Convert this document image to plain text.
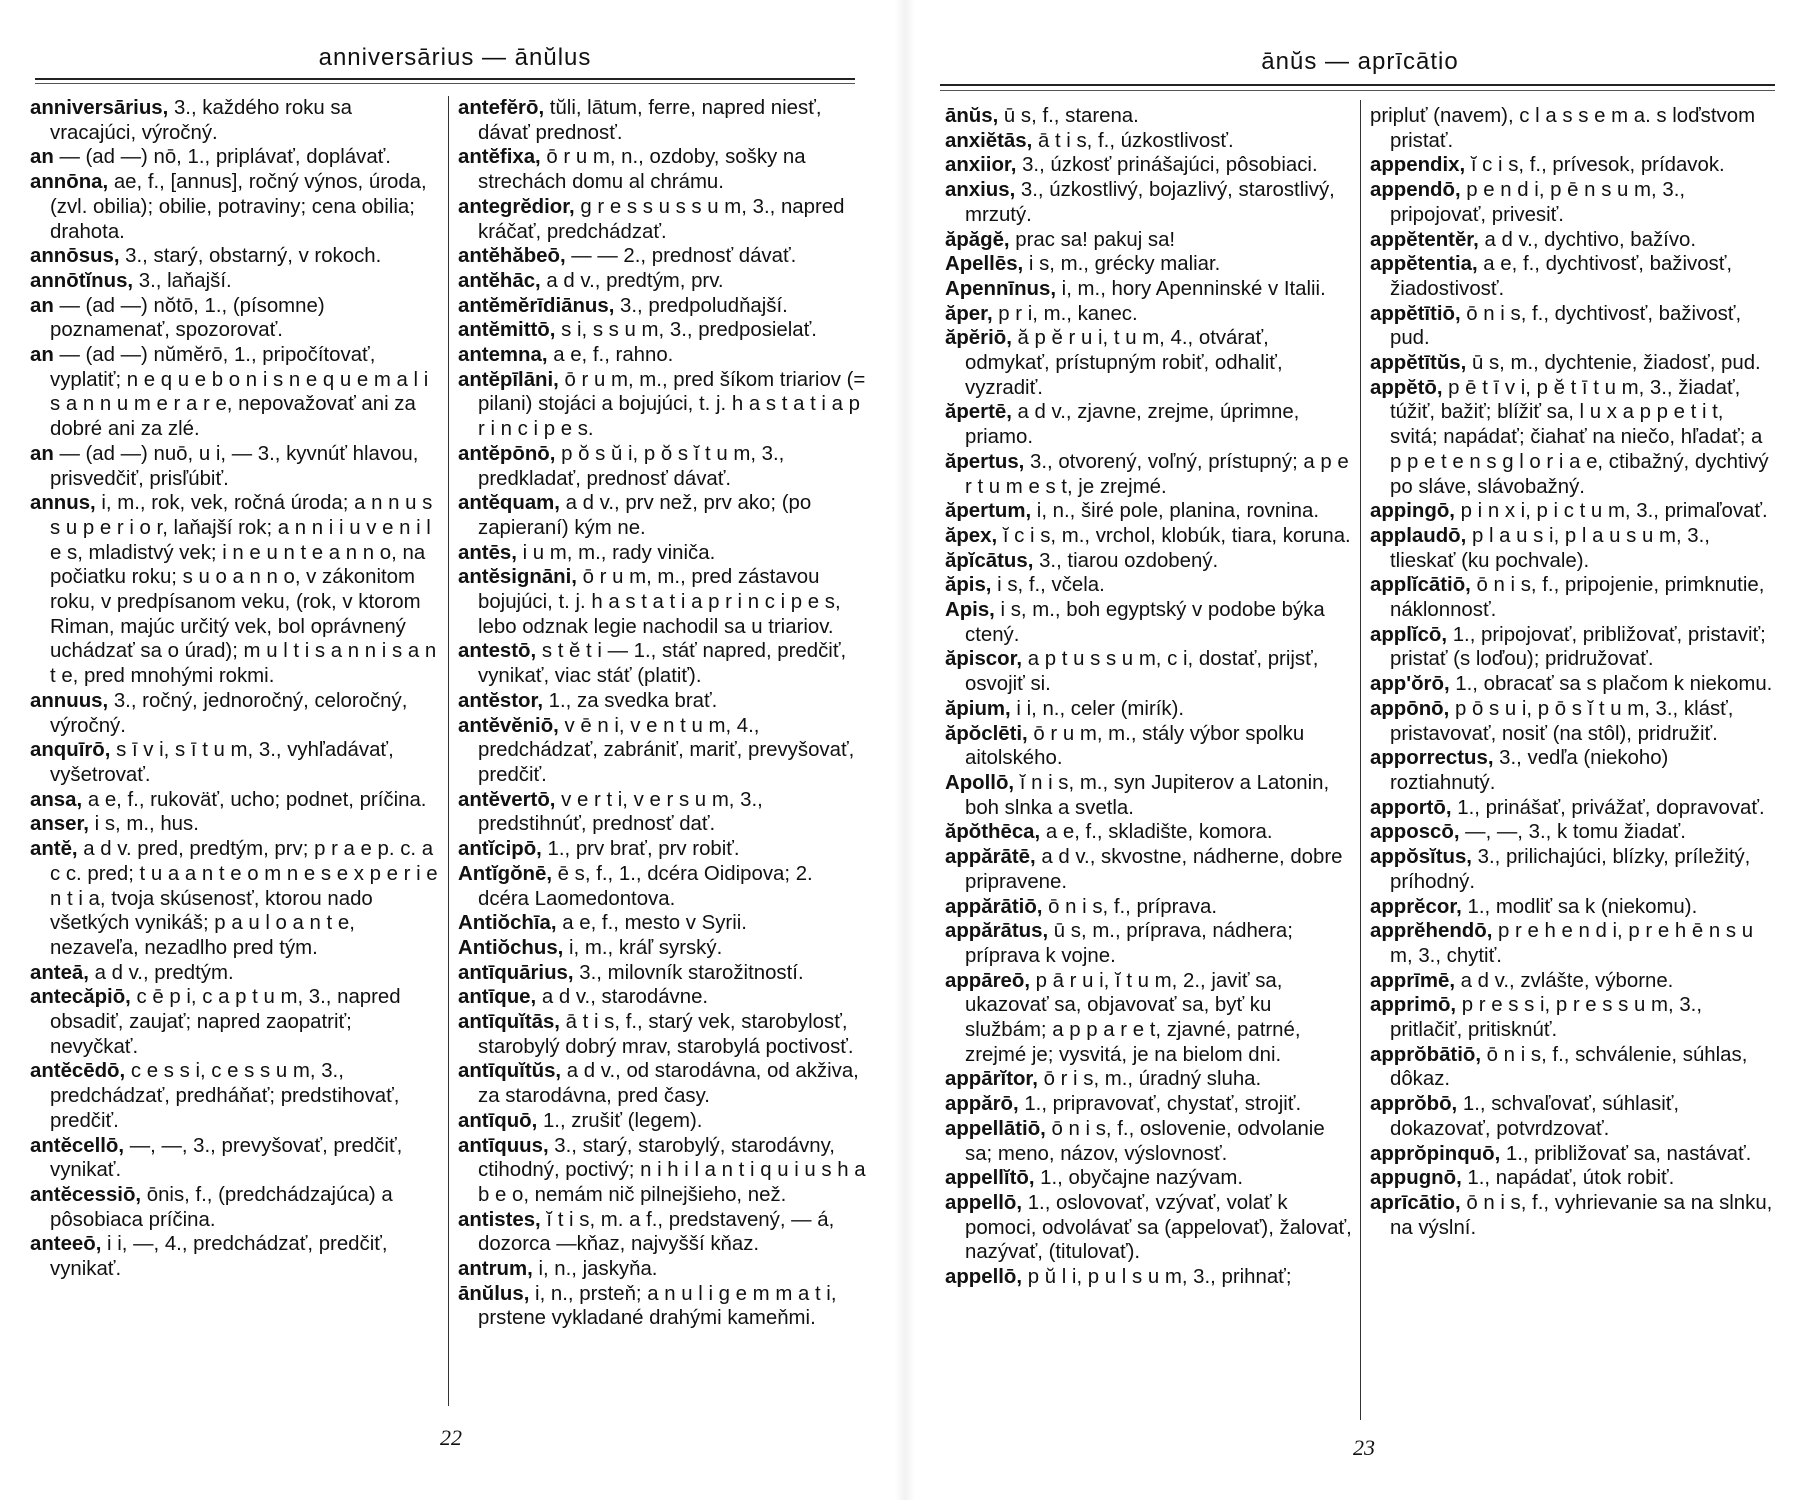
anniversārius — ānŭlus

anniversārius, 3., každého roku sa vracajúci, výročný.

an — (ad —) nō, 1., priplávať, doplávať.

annōna, ae, f., [annus], ročný výnos, úroda, (zvl. obilia); obilie, potraviny; cena obilia; drahota.

annōsus, 3., starý, obstarný, v rokoch.

annōtĭnus, 3., laňajší.

an — (ad —) nŏtō, 1., (písomne) poznamenať, spozorovať.

an — (ad —) nŭmĕrō, 1., pripočítovať, vyplatiť; n e q u e b o n i s n e q u e m a l i s a n n u m e r a r e, nepovažovať ani za dobré ani za zlé.

an — (ad —) nuō, u i, — 3., kyvnúť hlavou, prisvedčiť, prisľúbiť.

annus, i, m., rok, vek, ročná úroda; a n n u s s u p e r i o r, laňajší rok; a n n i i u v e n i l e s, mladistvý vek; i n e u n t e a n n o, na počiatku roku; s u o a n n o, v zákonitom roku, v predpísanom veku, (rok, v ktorom Riman, majúc určitý vek, bol oprávnený uchádzať sa o úrad); m u l t i s a n n i s a n t e, pred mnohými rokmi.

annuus, 3., ročný, jednoročný, celoročný, výročný.

anquīrō, s ī v i, s ī t u m, 3., vyhľadávať, vyšetrovať.

ansa, a e, f., rukoväť, ucho; podnet, príčina.

anser, i s, m., hus.

antĕ, a d v. pred, predtým, prv; p r a e p. c. a c c. pred; t u a a n t e o m n e s e x p e r i e n t i a, tvoja skúsenosť, ktorou nado všetkých vynikáš; p a u l o a n t e, nezaveľa, nezadlho pred tým.

anteā, a d v., predtým.

antecăpiō, c ē p i, c a p t u m, 3., napred obsadiť, zaujať; napred zaopatriť; nevyčkať.

antĕcēdō, c e s s i, c e s s u m, 3., predchádzať, predháňať; predstihovať, predčiť.

antĕcellō, —, —, 3., prevyšovať, predčiť, vynikať.

antĕcessiō, ōnis, f., (predchádzajúca) a pôsobiaca príčina.

anteeō, i i, —, 4., predchádzať, predčiť, vynikať.

antefĕrō, tŭli, lātum, ferre, napred niesť, dávať prednosť.

antĕfixa, ō r u m, n., ozdoby, sošky na strechách domu al chrámu.

antegrĕdior, g r e s s u s s u m, 3., napred kráčať, predchádzať.

antĕhăbeō, — — 2., prednosť dávať.

antĕhāc, a d v., predtým, prv.

antĕmĕrīdiānus, 3., predpoludňajší.

antĕmittō, s i, s s u m, 3., predposielať.

antemna, a e, f., rahno.

antĕpīlāni, ō r u m, m., pred šíkom triariov (= pilani) stojáci a bojujúci, t. j. h a s t a t i a p r i n c i p e s.

antĕpōnō, p ŏ s ŭ i, p ŏ s ĭ t u m, 3., predkladať, prednosť dávať.

antĕquam, a d v., prv než, prv ako; (po zapieraní) kým ne.

antēs, i u m, m., rady viniča.

antĕsignāni, ō r u m, m., pred zástavou bojujúci, t. j. h a s t a t i a p r i n c i p e s, lebo odznak legie nachodil sa u triariov.

antestō, s t ĕ t i — 1., stáť napred, predčiť, vynikať, viac stáť (platiť).

antĕstor, 1., za svedka brať.

antĕvĕniō, v ē n i, v e n t u m, 4., predchádzať, zabrániť, mariť, prevyšovať, predčiť.

antĕvertō, v e r t i, v e r s u m, 3., predstihnúť, prednosť dať.

antĭcipō, 1., prv brať, prv robiť.

Antĭgŏnē, ē s, f., 1., dcéra Oidipova; 2. dcéra Laomedontova.

Antiŏchīa, a e, f., mesto v Syrii.

Antiŏchus, i, m., kráľ syrský.

antīquārius, 3., milovník starožitností.

antīque, a d v., starodávne.

antīquĭtās, ā t i s, f., starý vek, starobylosť, starobylý dobrý mrav, starobylá poctivosť.

antīquĭtŭs, a d v., od starodávna, od akživa, za starodávna, pred časy.

antīquō, 1., zrušiť (legem).

antīquus, 3., starý, starobylý, starodávny, ctihodný, poctivý; n i h i l a n t i q u i u s h a b e o, nemám nič pilnejšieho, než.

antistes, ĭ t i s, m. a f., predstavený, — á, dozorca —kňaz, najvyšší kňaz.

antrum, i, n., jaskyňa.

ānŭlus, i, n., prsteň; a n u l i g e m m a t i, prstene vykladané drahými kameňmi.

22
ānŭs — aprīcātio

ānŭs, ū s, f., starena.

anxiĕtās, ā t i s, f., úzkostlivosť.

anxiior, 3., úzkosť prinášajúci, pôsobiaci.

anxius, 3., úzkostlivý, bojazlivý, starostlivý, mrzutý.

ăpăgĕ, prac sa! pakuj sa!

Apellēs, i s, m., grécky maliar.

Apennīnus, i, m., hory Apenninské v Italii.

ăper, p r i, m., kanec.

ăpĕriō, ă p ĕ r u i, t u m, 4., otvárať, odmykať, prístupným robiť, odhaliť, vyzradiť.

ăpertē, a d v., zjavne, zrejme, úprimne, priamo.

ăpertus, 3., otvorený, voľný, prístupný; a p e r t u m e s t, je zrejmé.

ăpertum, i, n., širé pole, planina, rovnina.

ăpex, ĭ c i s, m., vrchol, klobúk, tiara, koruna.

ăpĭcātus, 3., tiarou ozdobený.

ăpis, i s, f., včela.

Apis, i s, m., boh egyptský v podobe býka ctený.

ăpiscor, a p t u s s u m, c i, dostať, prijsť, osvojiť si.

ăpium, i i, n., celer (mirík).

ăpŏclēti, ō r u m, m., stály výbor spolku aitolského.

Apollō, ĭ n i s, m., syn Jupiterov a Latonin, boh slnka a svetla.

ăpŏthēca, a e, f., skladište, komora.

appărātē, a d v., skvostne, nádherne, dobre pripravene.

appărātiō, ō n i s, f., príprava.

appărātus, ū s, m., príprava, nádhera; príprava k vojne.

appāreō, p ā r u i, ĭ t u m, 2., javiť sa, ukazovať sa, objavovať sa, byť ku službám; a p p a r e t, zjavné, patrné, zrejmé je; vysvitá, je na bielom dni.

appārĭtor, ō r i s, m., úradný sluha.

appărō, 1., pripravovať, chystať, strojiť.

appellātiō, ō n i s, f., oslovenie, odvolanie sa; meno, názov, výslovnosť.

appellĭtō, 1., obyčajne nazývam.

appellō, 1., oslovovať, vzývať, volať k pomoci, odvolávať sa (appelovať), žalovať, nazývať, (titulovať).

appellō, p ŭ l i, p u l s u m, 3., prihnať;

pripluť (navem), c l a s s e m a. s loďstvom pristať.

appendix, ĭ c i s, f., prívesok, prídavok.

appendō, p e n d i, p ē n s u m, 3., pripojovať, privesiť.

appĕtentĕr, a d v., dychtivo, bažívo.

appĕtentia, a e, f., dychtivosť, baživosť, žiadostivosť.

appĕtītiō, ō n i s, f., dychtivosť, baživosť, pud.

appĕtītŭs, ū s, m., dychtenie, žiadosť, pud.

appĕtō, p ē t ī v i, p ĕ t ī t u m, 3., žiadať, túžiť, bažiť; blížiť sa, l u x a p p e t i t, svitá; napádať; čiahať na niečo, hľadať; a p p e t e n s g l o r i a e, ctibažný, dychtivý po sláve, slávobažný.

appingō, p i n x i, p i c t u m, 3., primaľovať.

applaudō, p l a u s i, p l a u s u m, 3., tlieskať (ku pochvale).

applĭcātiō, ō n i s, f., pripojenie, primknutie, náklonnosť.

applĭcō, 1., pripojovať, približovať, pristaviť; pristať (s loďou); pridružovať.

app'ŏrō, 1., obracať sa s plačom k niekomu.

appōnō, p ō s u i, p ō s ĭ t u m, 3., klásť, pristavovať, nosiť (na stôl), pridružiť.

apporrectus, 3., vedľa (niekoho) roztiahnutý.

apportō, 1., prinášať, privážať, dopravovať.

apposcō, —, —, 3., k tomu žiadať.

appŏsĭtus, 3., prilichajúci, blízky, príležitý, príhodný.

apprĕcor, 1., modliť sa k (niekomu).

apprĕhendō, p r e h e n d i, p r e h ē n s u m, 3., chytiť.

apprīmē, a d v., zvlášte, výborne.

apprimō, p r e s s i, p r e s s u m, 3., pritlačiť, pritisknúť.

apprŏbātiō, ō n i s, f., schválenie, súhlas, dôkaz.

apprŏbō, 1., schvaľovať, súhlasiť, dokazovať, potvrdzovať.

apprŏpinquō, 1., približovať sa, nastávať.

appugnō, 1., napádať, útok robiť.

aprīcātio, ō n i s, f., vyhrievanie sa na slnku, na výslní.

23
